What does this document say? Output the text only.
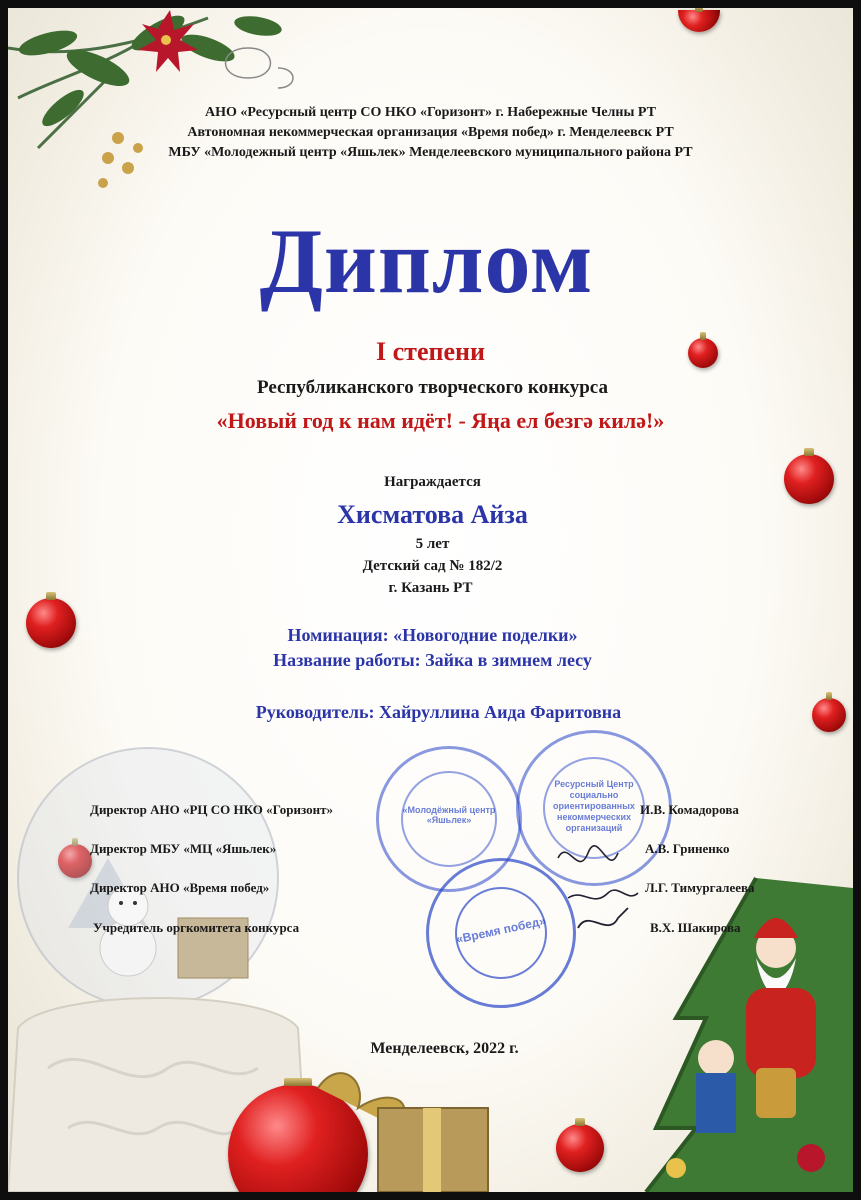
АНО «Ресурсный центр СО НКО «Горизонт» г. Набережные Челны РТ
Автономная некоммерческая организация «Время побед» г. Менделеевск РТ
МБУ «Молодежный центр «Яшьлек» Менделеевского муниципального района РТ
Диплом
I степени
Республиканского творческого конкурса
«Новый год к нам идёт! - Яңа ел безгә килә!»
Награждается
Хисматова Айза
5 лет
Детский сад № 182/2
г. Казань РТ
Номинация: «Новогодние поделки»
Название работы: Зайка в зимнем лесу
Руководитель: Хайруллина Аида Фаритовна
«Молодёжный центр «Яшьлек»
Ресурсный Центр социально ориентированных некоммерческих организаций
«Время побед»
Директор АНО «РЦ СО НКО «Горизонт»	И.В. Комадорова
Директор МБУ «МЦ «Яшьлек»	А.В. Гриненко
Директор АНО «Время побед»	Л.Г. Тимургалеева
Учредитель оргкомитета конкурса	В.Х. Шакирова
Менделеевск, 2022 г.
